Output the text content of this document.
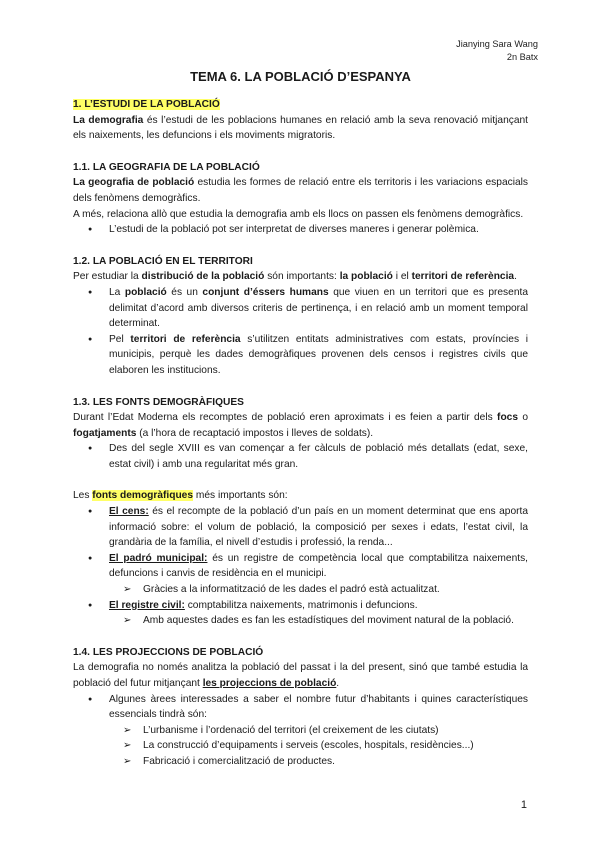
Jianying Sara Wang
2n Batx
TEMA 6. LA POBLACIÓ D’ESPANYA
1. L’ESTUDI DE LA POBLACIÓ

La demografia és l’estudi de les poblacions humanes en relació amb la seva renovació mitjançant els naixements, les defuncions i els moviments migratoris.

1.1. LA GEOGRAFIA DE LA POBLACIÓ

La geografia de població estudia les formes de relació entre els territoris i les variacions espacials dels fenòmens demogràfics.

A més, relaciona allò que estudia la demografia amb els llocs on passen els fenòmens demogràfics.

● L’estudi de la població pot ser interpretat de diverses maneres i generar polèmica.
1.2. LA POBLACIÓ EN EL TERRITORI

Per estudiar la distribució de la població són importants: la població i el territori de referència.

● La població és un conjunt d’éssers humans que viuen en un territori que es presenta delimitat d’acord amb diversos criteris de pertinença, i en relació amb un moment temporal determinat.
● Pel territori de referència s’utilitzen entitats administratives com estats, províncies i municipis, perquè les dades demogràfiques provenen dels censos i registres civils que elaboren les institucions.
1.3. LES FONTS DEMOGRÀFIQUES

Durant l’Edat Moderna els recomptes de població eren aproximats i es feien a partir dels focs o fogatjaments (a l’hora de recaptació impostos i lleves de soldats).

● Des del segle XVIII es van començar a fer càlculs de població més detallats (edat, sexe, estat civil) i amb una regularitat més gran.

Les fonts demogràfiques més importants són:

● El cens: és el recompte de la població d’un país en un moment determinat que ens aporta informació sobre: el volum de població, la composició per sexes i edats, l’estat civil, la grandària de la família, el nivell d’estudis i professió, la renda...
● El padró municipal: és un registre de competència local que comptabilitza naixements, defuncions i canvis de residència en el municipi.
➢ Gràcies a la informatització de les dades el padró està actualitzat.
● El registre civil: comptabilitza naixements, matrimonis i defuncions.
➢ Amb aquestes dades es fan les estadístiques del moviment natural de la població.
1.4. LES PROJECCIONS DE POBLACIÓ

La demografia no només analitza la població del passat i la del present, sinó que també estudia la població del futur mitjançant les projeccions de població.

● Algunes àrees interessades a saber el nombre futur d’habitants i quines característiques essencials tindrà són:
➢ L’urbanisme i l’ordenació del territori (el creixement de les ciutats)
➢ La construcció d’equipaments i serveis (escoles, hospitals, residències...)
➢ Fabricació i comercialització de productes.
1
